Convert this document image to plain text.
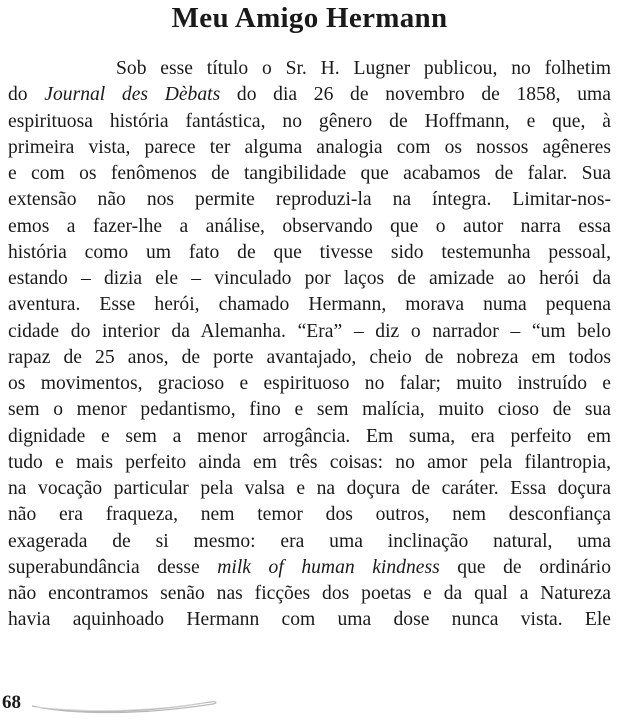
Meu Amigo Hermann
Sob esse título o Sr. H. Lugner publicou, no folhetim
do Journal des Dèbats do dia 26 de novembro de 1858, uma
espirituosa história fantástica, no gênero de Hoffmann, e que, à
primeira vista, parece ter alguma analogia com os nossos agêneres
e com os fenômenos de tangibilidade que acabamos de falar. Sua
extensão não nos permite reproduzi-la na íntegra. Limitar-nos-
emos a fazer-lhe a análise, observando que o autor narra essa
história como um fato de que tivesse sido testemunha pessoal,
estando – dizia ele – vinculado por laços de amizade ao herói da
aventura. Esse herói, chamado Hermann, morava numa pequena
cidade do interior da Alemanha. “Era” – diz o narrador – “um belo
rapaz de 25 anos, de porte avantajado, cheio de nobreza em todos
os movimentos, gracioso e espirituoso no falar; muito instruído e
sem o menor pedantismo, fino e sem malícia, muito cioso de sua
dignidade e sem a menor arrogância. Em suma, era perfeito em
tudo e mais perfeito ainda em três coisas: no amor pela filantropia,
na vocação particular pela valsa e na doçura de caráter. Essa doçura
não era fraqueza, nem temor dos outros, nem desconfiança
exagerada de si mesmo: era uma inclinação natural, uma
superabundância desse milk of human kindness que de ordinário
não encontramos senão nas ficções dos poetas e da qual a Natureza
havia aquinhoado Hermann com uma dose nunca vista. Ele
68
